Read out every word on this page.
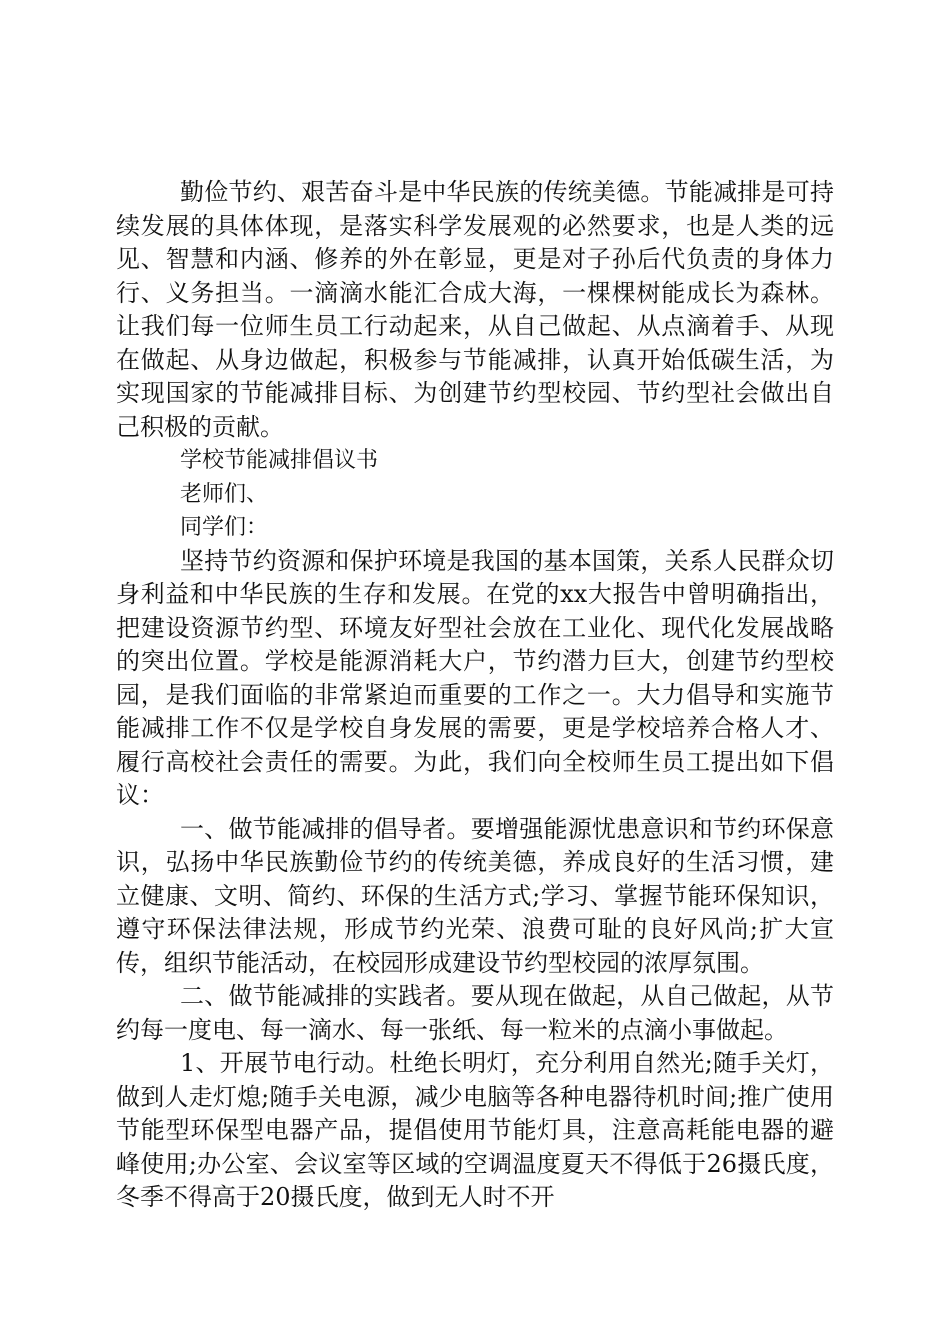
勤俭节约、艰苦奋斗是中华民族的传统美德。节能减排是可持续发展的具体体现，是落实科学发展观的必然要求，也是人类的远见、智慧和内涵、修养的外在彰显，更是对子孙后代负责的身体力行、义务担当。一滴滴水能汇合成大海，一棵棵树能成长为森林。让我们每一位师生员工行动起来，从自己做起、从点滴着手、从现在做起、从身边做起，积极参与节能减排，认真开始低碳生活，为实现国家的节能减排目标、为创建节约型校园、节约型社会做出自己积极的贡献。

学校节能减排倡议书

老师们、

同学们：

坚持节约资源和保护环境是我国的基本国策，关系人民群众切身利益和中华民族的生存和发展。在党的xx大报告中曾明确指出，把建设资源节约型、环境友好型社会放在工业化、现代化发展战略的突出位置。学校是能源消耗大户，节约潜力巨大，创建节约型校园，是我们面临的非常紧迫而重要的工作之一。大力倡导和实施节能减排工作不仅是学校自身发展的需要，更是学校培养合格人才、履行高校社会责任的需要。为此，我们向全校师生员工提出如下倡议：

一、做节能减排的倡导者。要增强能源忧患意识和节约环保意识，弘扬中华民族勤俭节约的传统美德，养成良好的生活习惯，建立健康、文明、简约、环保的生活方式;学习、掌握节能环保知识，遵守环保法律法规，形成节约光荣、浪费可耻的良好风尚;扩大宣传，组织节能活动，在校园形成建设节约型校园的浓厚氛围。

二、做节能减排的实践者。要从现在做起，从自己做起，从节约每一度电、每一滴水、每一张纸、每一粒米的点滴小事做起。

1、开展节电行动。杜绝长明灯，充分利用自然光;随手关灯，做到人走灯熄;随手关电源，减少电脑等各种电器待机时间;推广使用节能型环保型电器产品，提倡使用节能灯具，注意高耗能电器的避峰使用;办公室、会议室等区域的空调温度夏天不得低于26摄氏度，冬季不得高于20摄氏度，做到无人时不开
